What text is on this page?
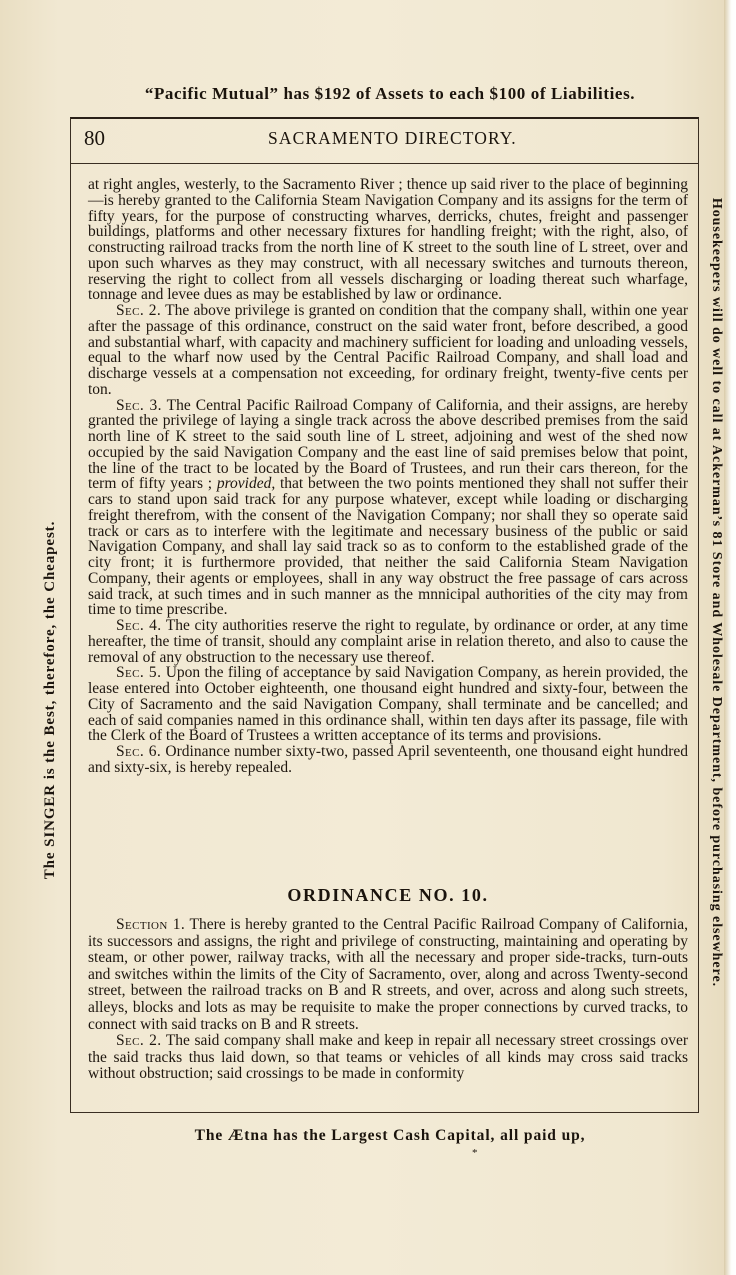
“Pacific Mutual” has $192 of Assets to each $100 of Liabilities.
The SINGER is the Best, therefore, the Cheapest.	Housekeepers will do well to call at Ackerman’s 81 Store and Wholesale Department, before purchasing elsewhere.
80	SACRAMENTO DIRECTORY.

at right angles, westerly, to the Sacramento River ; thence up said river to the place of beginning—is hereby granted to the California Steam Navigation Company and its assigns for the term of fifty years, for the purpose of constructing wharves, derricks, chutes, freight and passenger buildings, platforms and other necessary fixtures for handling freight; with the right, also, of constructing railroad tracks from the north line of K street to the south line of L street, over and upon such wharves as they may construct, with all necessary switches and turnouts thereon, reserving the right to collect from all vessels discharging or loading thereat such wharfage, tonnage and levee dues as may be established by law or ordinance.

Sec. 2. The above privilege is granted on condition that the company shall, within one year after the passage of this ordinance, construct on the said water front, before described, a good and substantial wharf, with capacity and machinery sufficient for loading and unloading vessels, equal to the wharf now used by the Central Pacific Railroad Company, and shall load and discharge vessels at a compensation not exceeding, for ordinary freight, twenty-five cents per ton.

Sec. 3. The Central Pacific Railroad Company of California, and their assigns, are hereby granted the privilege of laying a single track across the above described premises from the said north line of K street to the said south line of L street, adjoining and west of the shed now occupied by the said Navigation Company and the east line of said premises below that point, the line of the tract to be located by the Board of Trustees, and run their cars thereon, for the term of fifty years ; provided, that between the two points mentioned they shall not suffer their cars to stand upon said track for any purpose whatever, except while loading or discharging freight therefrom, with the consent of the Navigation Company; nor shall they so operate said track or cars as to interfere with the legitimate and necessary business of the public or said Navigation Company, and shall lay said track so as to conform to the established grade of the city front; it is furthermore provided, that neither the said California Steam Navigation Company, their agents or employees, shall in any way obstruct the free passage of cars across said track, at such times and in such manner as the mnnicipal authorities of the city may from time to time prescribe.

Sec. 4. The city authorities reserve the right to regulate, by ordinance or order, at any time hereafter, the time of transit, should any complaint arise in relation thereto, and also to cause the removal of any obstruction to the necessary use thereof.

Sec. 5. Upon the filing of acceptance by said Navigation Company, as herein provided, the lease entered into October eighteenth, one thousand eight hundred and sixty-four, between the City of Sacramento and the said Navigation Company, shall terminate and be cancelled; and each of said companies named in this ordinance shall, within ten days after its passage, file with the Clerk of the Board of Trustees a written acceptance of its terms and provisions.

Sec. 6. Ordinance number sixty-two, passed April seventeenth, one thousand eight hundred and sixty-six, is hereby repealed.

ORDINANCE NO. 10.

Section 1. There is hereby granted to the Central Pacific Railroad Company of California, its successors and assigns, the right and privilege of constructing, maintaining and operating by steam, or other power, railway tracks, with all the necessary and proper side-tracks, turn-outs and switches within the limits of the City of Sacramento, over, along and across Twenty-second street, between the railroad tracks on B and R streets, and over, across and along such streets, alleys, blocks and lots as may be requisite to make the proper connections by curved tracks, to connect with said tracks on B and R streets.

Sec. 2. The said company shall make and keep in repair all necessary street crossings over the said tracks thus laid down, so that teams or vehicles of all kinds may cross said tracks without obstruction; said crossings to be made in conformity

The Ætna has the Largest Cash Capital, all paid up,
*
